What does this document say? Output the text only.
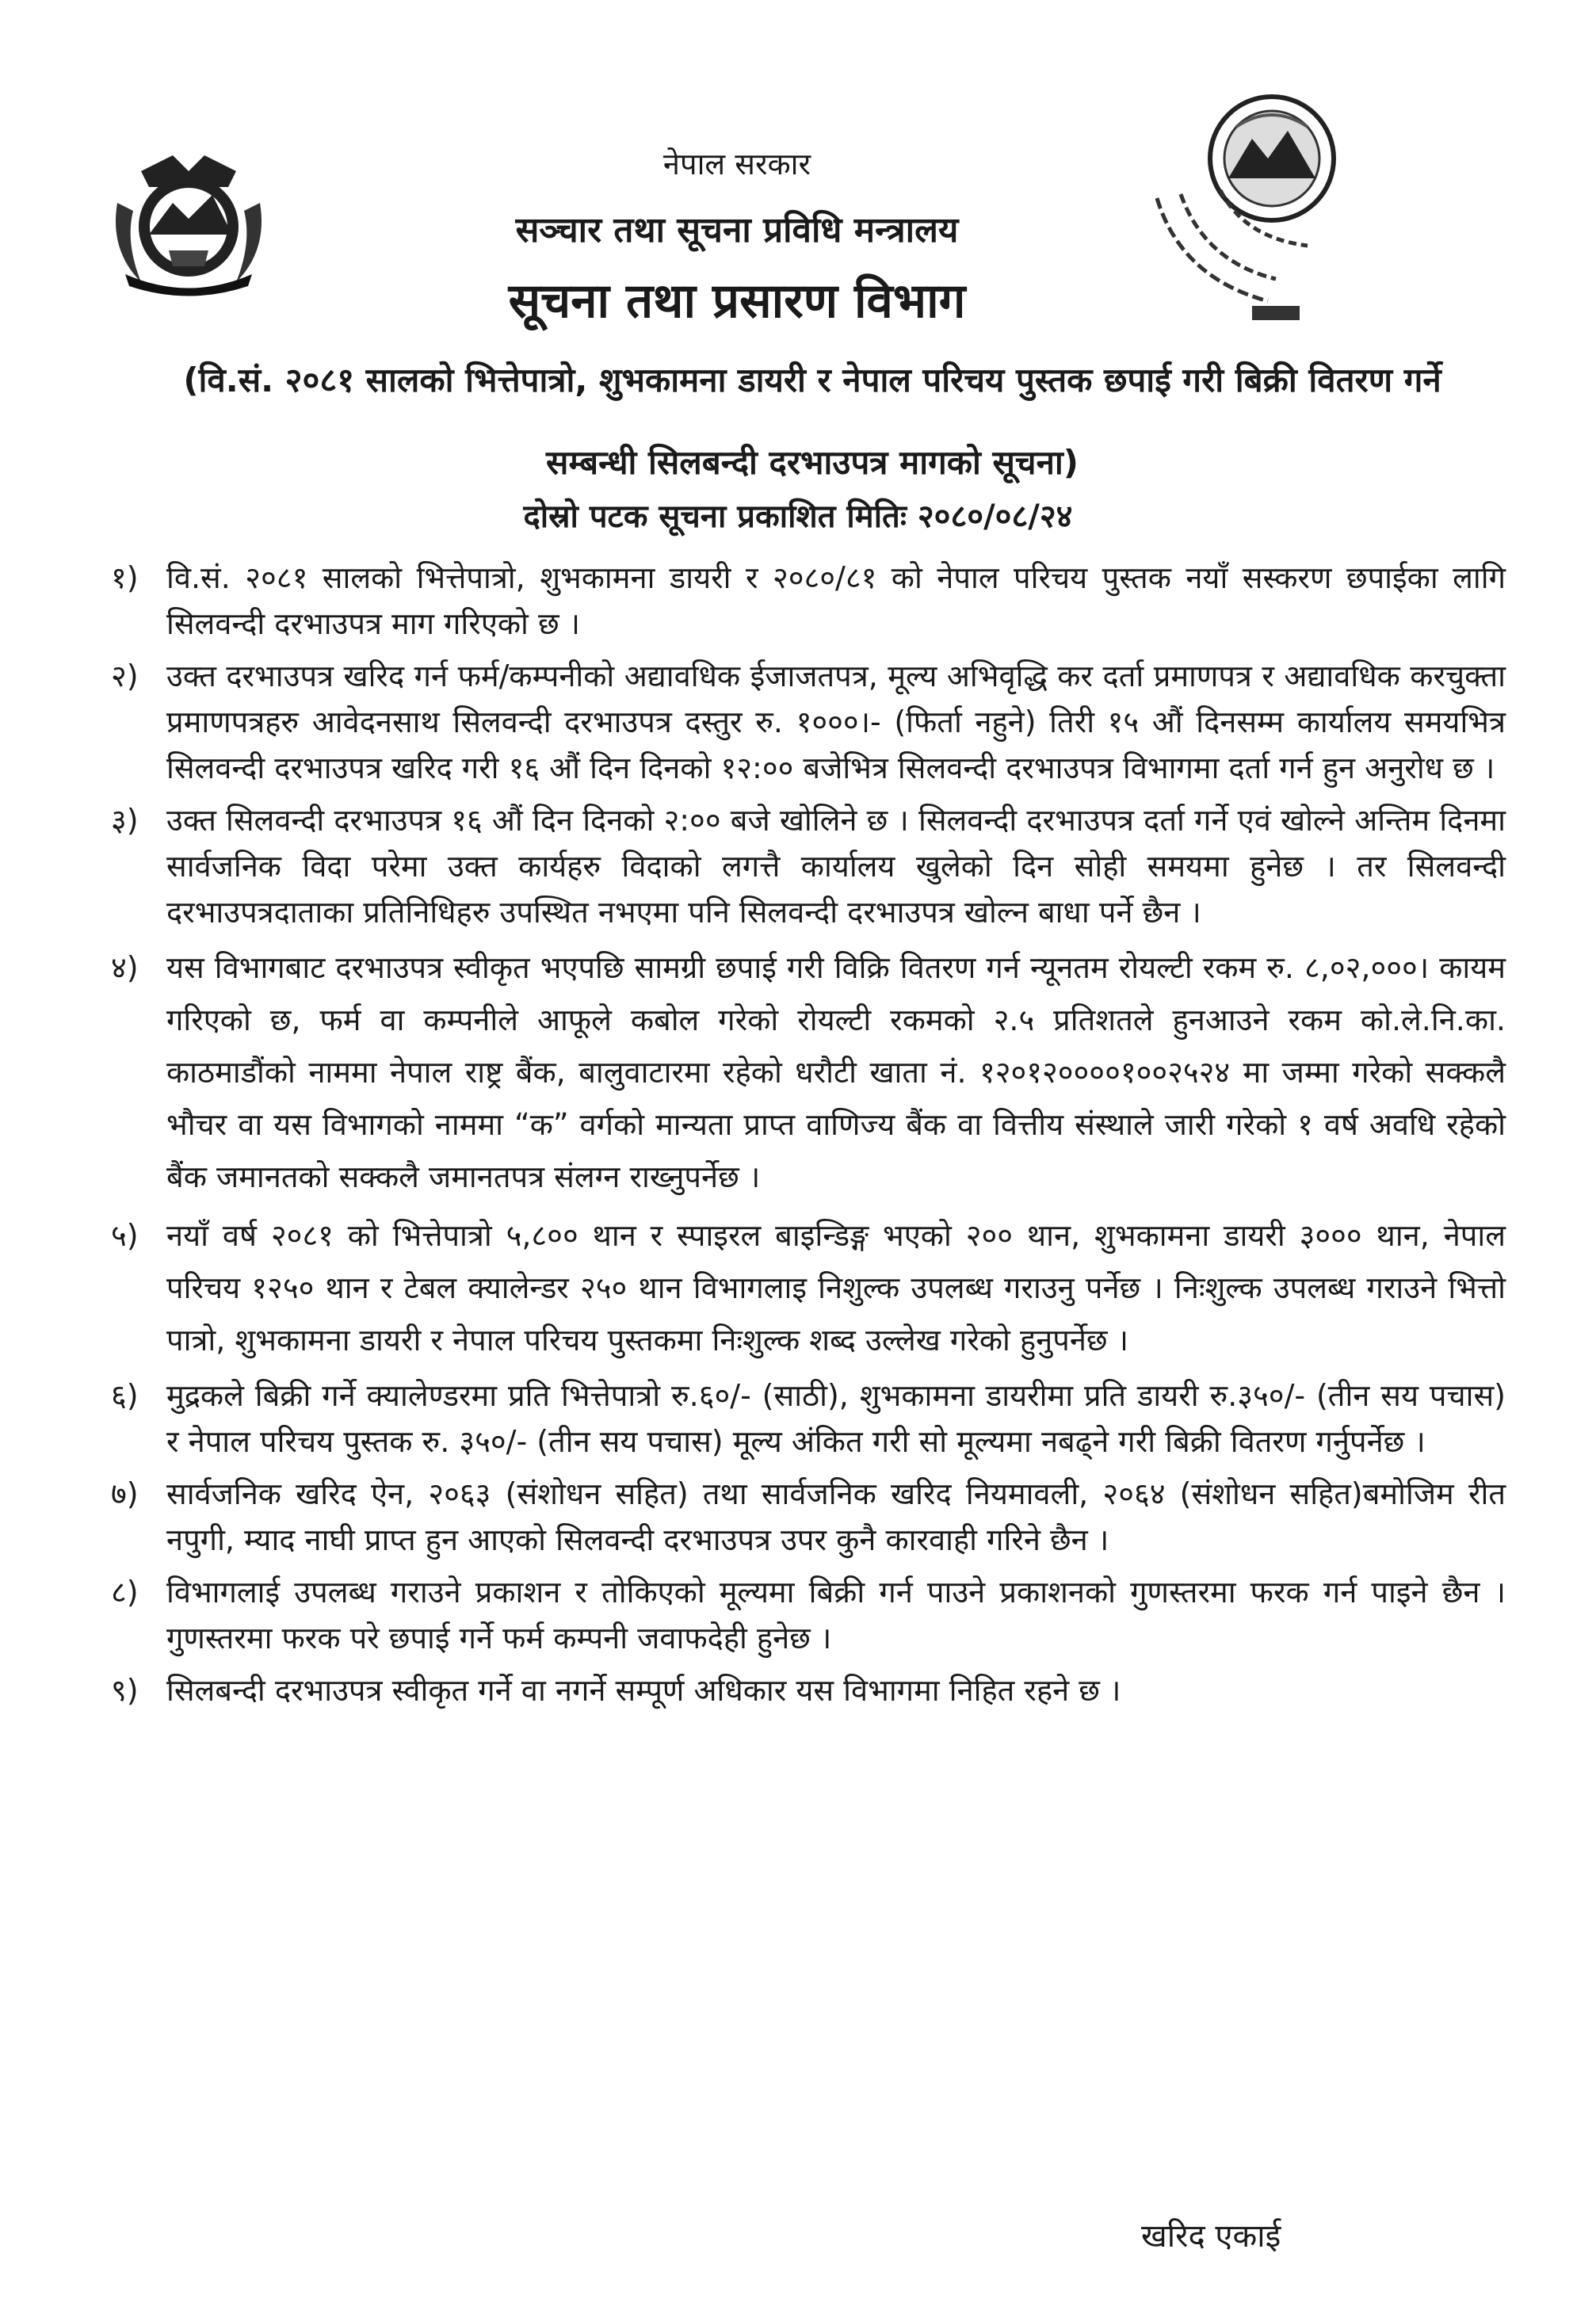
नेपाल सरकार
सञ्चार तथा सूचना प्रविधि मन्त्रालय
सूचना तथा प्रसारण विभाग
(वि.सं. २०८१ सालको भित्तेपात्रो, शुभकामना डायरी र नेपाल परिचय पुस्तक छपाई गरी बिक्री वितरण गर्ने सम्बन्धी सिलबन्दी दरभाउपत्र मागको सूचना)
दोस्रो पटक सूचना प्रकाशित मितिः २०८०/०८/२४
१) वि.सं. २०८१ सालको भित्तेपात्रो, शुभकामना डायरी र २०८०/८१ को नेपाल परिचय पुस्तक नयाँ सस्करण छपाईका लागि सिलवन्दी दरभाउपत्र माग गरिएको छ ।
२) उक्त दरभाउपत्र खरिद गर्न फर्म/कम्पनीको अद्यावधिक ईजाजतपत्र, मूल्य अभिवृद्धि कर दर्ता प्रमाणपत्र र अद्यावधिक करचुक्ता प्रमाणपत्रहरु आवेदनसाथ सिलवन्दी दरभाउपत्र दस्तुर रु. १०००।- (फिर्ता नहुने) तिरी १५ औं दिनसम्म कार्यालय समयभित्र सिलवन्दी दरभाउपत्र खरिद गरी १६ औं दिन दिनको १२:०० बजेभित्र सिलवन्दी दरभाउपत्र विभागमा दर्ता गर्न हुन अनुरोध छ ।
३) उक्त सिलवन्दी दरभाउपत्र १६ औं दिन दिनको २:०० बजे खोलिने छ । सिलवन्दी दरभाउपत्र दर्ता गर्ने एवं खोल्ने अन्तिम दिनमा सार्वजनिक विदा परेमा उक्त कार्यहरु विदाको लगत्तै कार्यालय खुलेको दिन सोही समयमा हुनेछ । तर सिलवन्दी दरभाउपत्रदाताका प्रतिनिधिहरु उपस्थित नभएमा पनि सिलवन्दी दरभाउपत्र खोल्न बाधा पर्ने छैन ।
४) यस विभागबाट दरभाउपत्र स्वीकृत भएपछि सामग्री छपाई गरी विक्रि वितरण गर्न न्यूनतम रोयल्टी रकम रु. ८,०२,०००। कायम गरिएको छ, फर्म वा कम्पनीले आफूले कबोल गरेको रोयल्टी रकमको २.५ प्रतिशतले हुनआउने रकम को.ले.नि.का. काठमाडौंको नाममा नेपाल राष्ट्र बैंक, बालुवाटारमा रहेको धरौटी खाता नं. १२०१२००००१००२५२४ मा जम्मा गरेको सक्कलै भौचर वा यस विभागको नाममा “क” वर्गको मान्यता प्राप्त वाणिज्य बैंक वा वित्तीय संस्थाले जारी गरेको १ वर्ष अवधि रहेको बैंक जमानतको सक्कलै जमानतपत्र संलग्न राख्नुपर्नेछ ।
५) नयाँ वर्ष २०८१ को भित्तेपात्रो ५,८०० थान र स्पाइरल बाइन्डिङ्ग भएको २०० थान, शुभकामना डायरी ३००० थान, नेपाल परिचय १२५० थान र टेबल क्यालेन्डर २५० थान विभागलाइ निशुल्क उपलब्ध गराउनु पर्नेछ । निःशुल्क उपलब्ध गराउने भित्तो पात्रो, शुभकामना डायरी र नेपाल परिचय पुस्तकमा निःशुल्क शब्द उल्लेख गरेको हुनुपर्नेछ ।
६) मुद्रकले बिक्री गर्ने क्यालेण्डरमा प्रति भित्तेपात्रो रु.६०/- (साठी), शुभकामना डायरीमा प्रति डायरी रु.३५०/- (तीन सय पचास) र नेपाल परिचय पुस्तक रु. ३५०/- (तीन सय पचास) मूल्य अंकित गरी सो मूल्यमा नबढ्ने गरी बिक्री वितरण गर्नुपर्नेछ ।
७) सार्वजनिक खरिद ऐन, २०६३ (संशोधन सहित) तथा सार्वजनिक खरिद नियमावली, २०६४ (संशोधन सहित)बमोजिम रीत नपुगी, म्याद नाघी प्राप्त हुन आएको सिलवन्दी दरभाउपत्र उपर कुनै कारवाही गरिने छैन ।
८) विभागलाई उपलब्ध गराउने प्रकाशन र तोकिएको मूल्यमा बिक्री गर्न पाउने प्रकाशनको गुणस्तरमा फरक गर्न पाइने छैन । गुणस्तरमा फरक परे छपाई गर्ने फर्म कम्पनी जवाफदेही हुनेछ ।
९) सिलबन्दी दरभाउपत्र स्वीकृत गर्ने वा नगर्ने सम्पूर्ण अधिकार यस विभागमा निहित रहने छ ।
खरिद एकाई
